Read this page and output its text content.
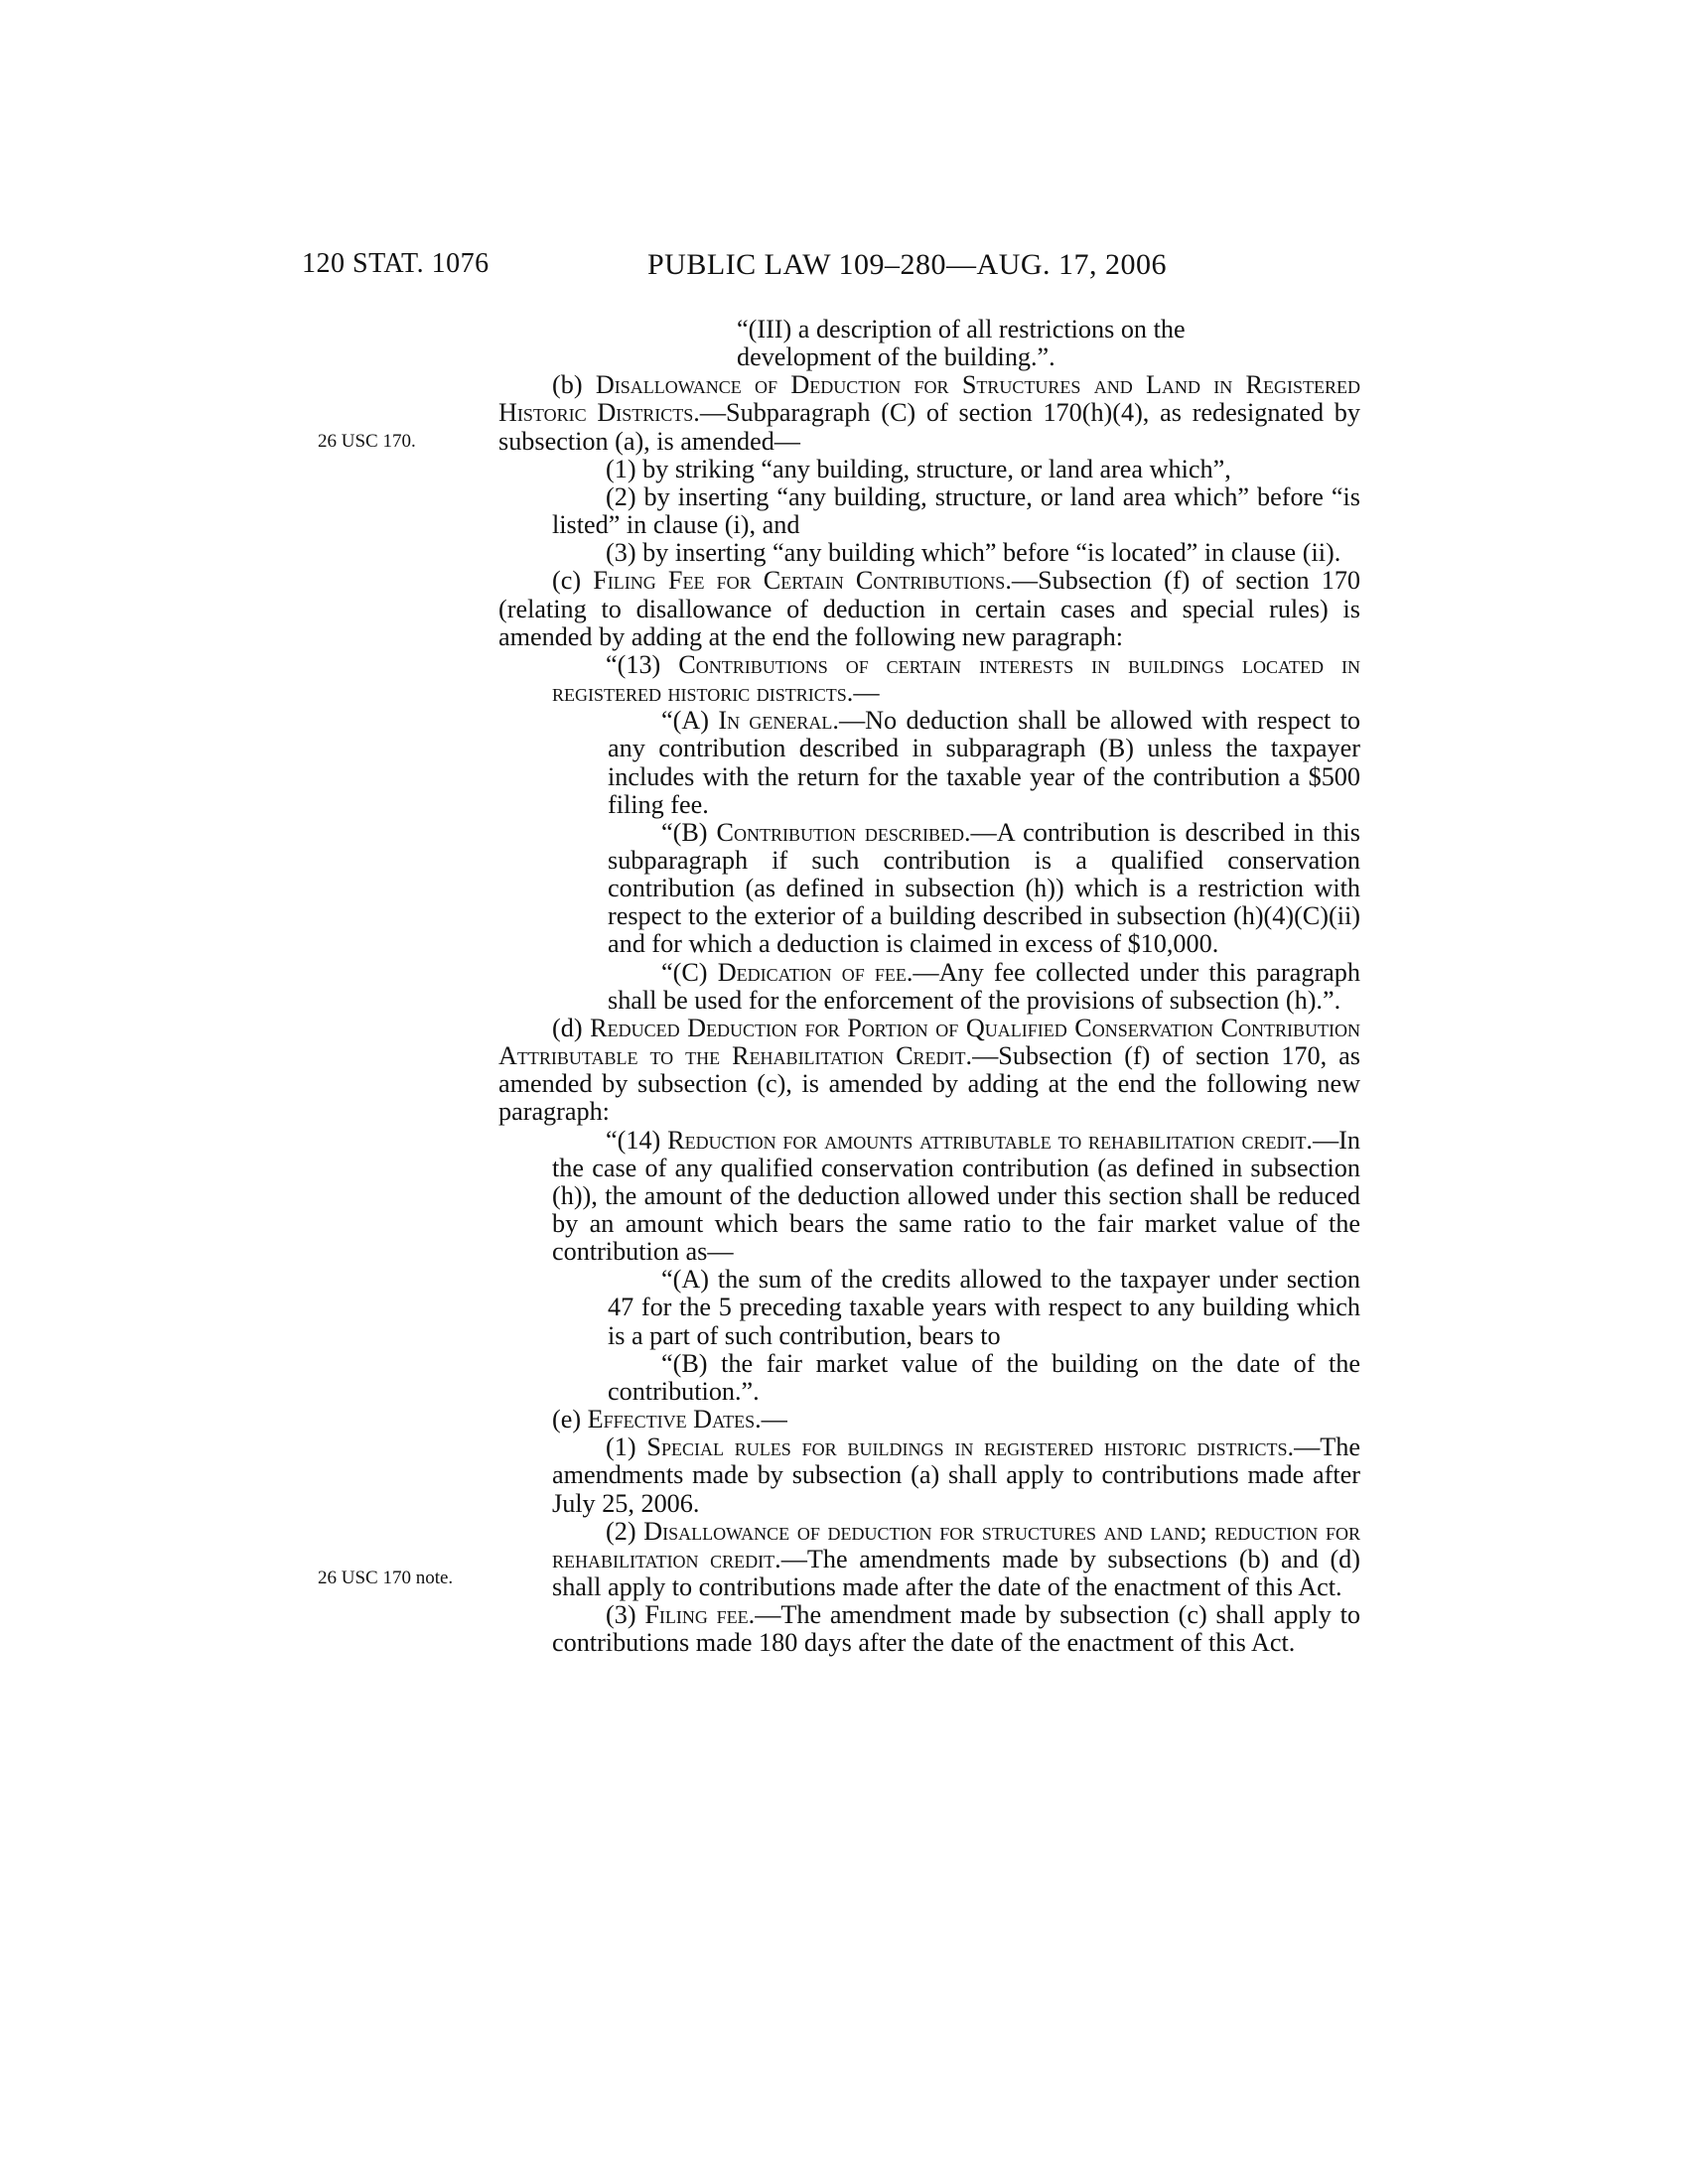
120 STAT. 1076	PUBLIC LAW 109–280—AUG. 17, 2006
26 USC 170.
26 USC 170 note.

“(III) a description of all restrictions on the

development of the building.”.

(b) Disallowance of Deduction for Structures and Land in Registered Historic Districts.—Subparagraph (C) of section 170(h)(4), as redesignated by subsection (a), is amended—

(1) by striking “any building, structure, or land area which”,

(2) by inserting “any building, structure, or land area which” before “is listed” in clause (i), and

(3) by inserting “any building which” before “is located” in clause (ii).

(c) Filing Fee for Certain Contributions.—Subsection (f) of section 170 (relating to disallowance of deduction in certain cases and special rules) is amended by adding at the end the following new paragraph:

“(13) Contributions of certain interests in buildings located in registered historic districts.—

“(A) In general.—No deduction shall be allowed with respect to any contribution described in subparagraph (B) unless the taxpayer includes with the return for the taxable year of the contribution a $500 filing fee.

“(B) Contribution described.—A contribution is described in this subparagraph if such contribution is a qualified conservation contribution (as defined in subsection (h)) which is a restriction with respect to the exterior of a building described in subsection (h)(4)(C)(ii) and for which a deduction is claimed in excess of $10,000.

“(C) Dedication of fee.—Any fee collected under this paragraph shall be used for the enforcement of the provisions of subsection (h).”.

(d) Reduced Deduction for Portion of Qualified Conservation Contribution Attributable to the Rehabilitation Credit.—Subsection (f) of section 170, as amended by subsection (c), is amended by adding at the end the following new paragraph:

“(14) Reduction for amounts attributable to rehabilitation credit.—In the case of any qualified conservation contribution (as defined in subsection (h)), the amount of the deduction allowed under this section shall be reduced by an amount which bears the same ratio to the fair market value of the contribution as—

“(A) the sum of the credits allowed to the taxpayer under section 47 for the 5 preceding taxable years with respect to any building which is a part of such contribution, bears to

“(B) the fair market value of the building on the date of the contribution.”.

(e) Effective Dates.—

(1) Special rules for buildings in registered historic districts.—The amendments made by subsection (a) shall apply to contributions made after July 25, 2006.

(2) Disallowance of deduction for structures and land; reduction for rehabilitation credit.—The amendments made by subsections (b) and (d) shall apply to contributions made after the date of the enactment of this Act.

(3) Filing fee.—The amendment made by subsection (c) shall apply to contributions made 180 days after the date of the enactment of this Act.
